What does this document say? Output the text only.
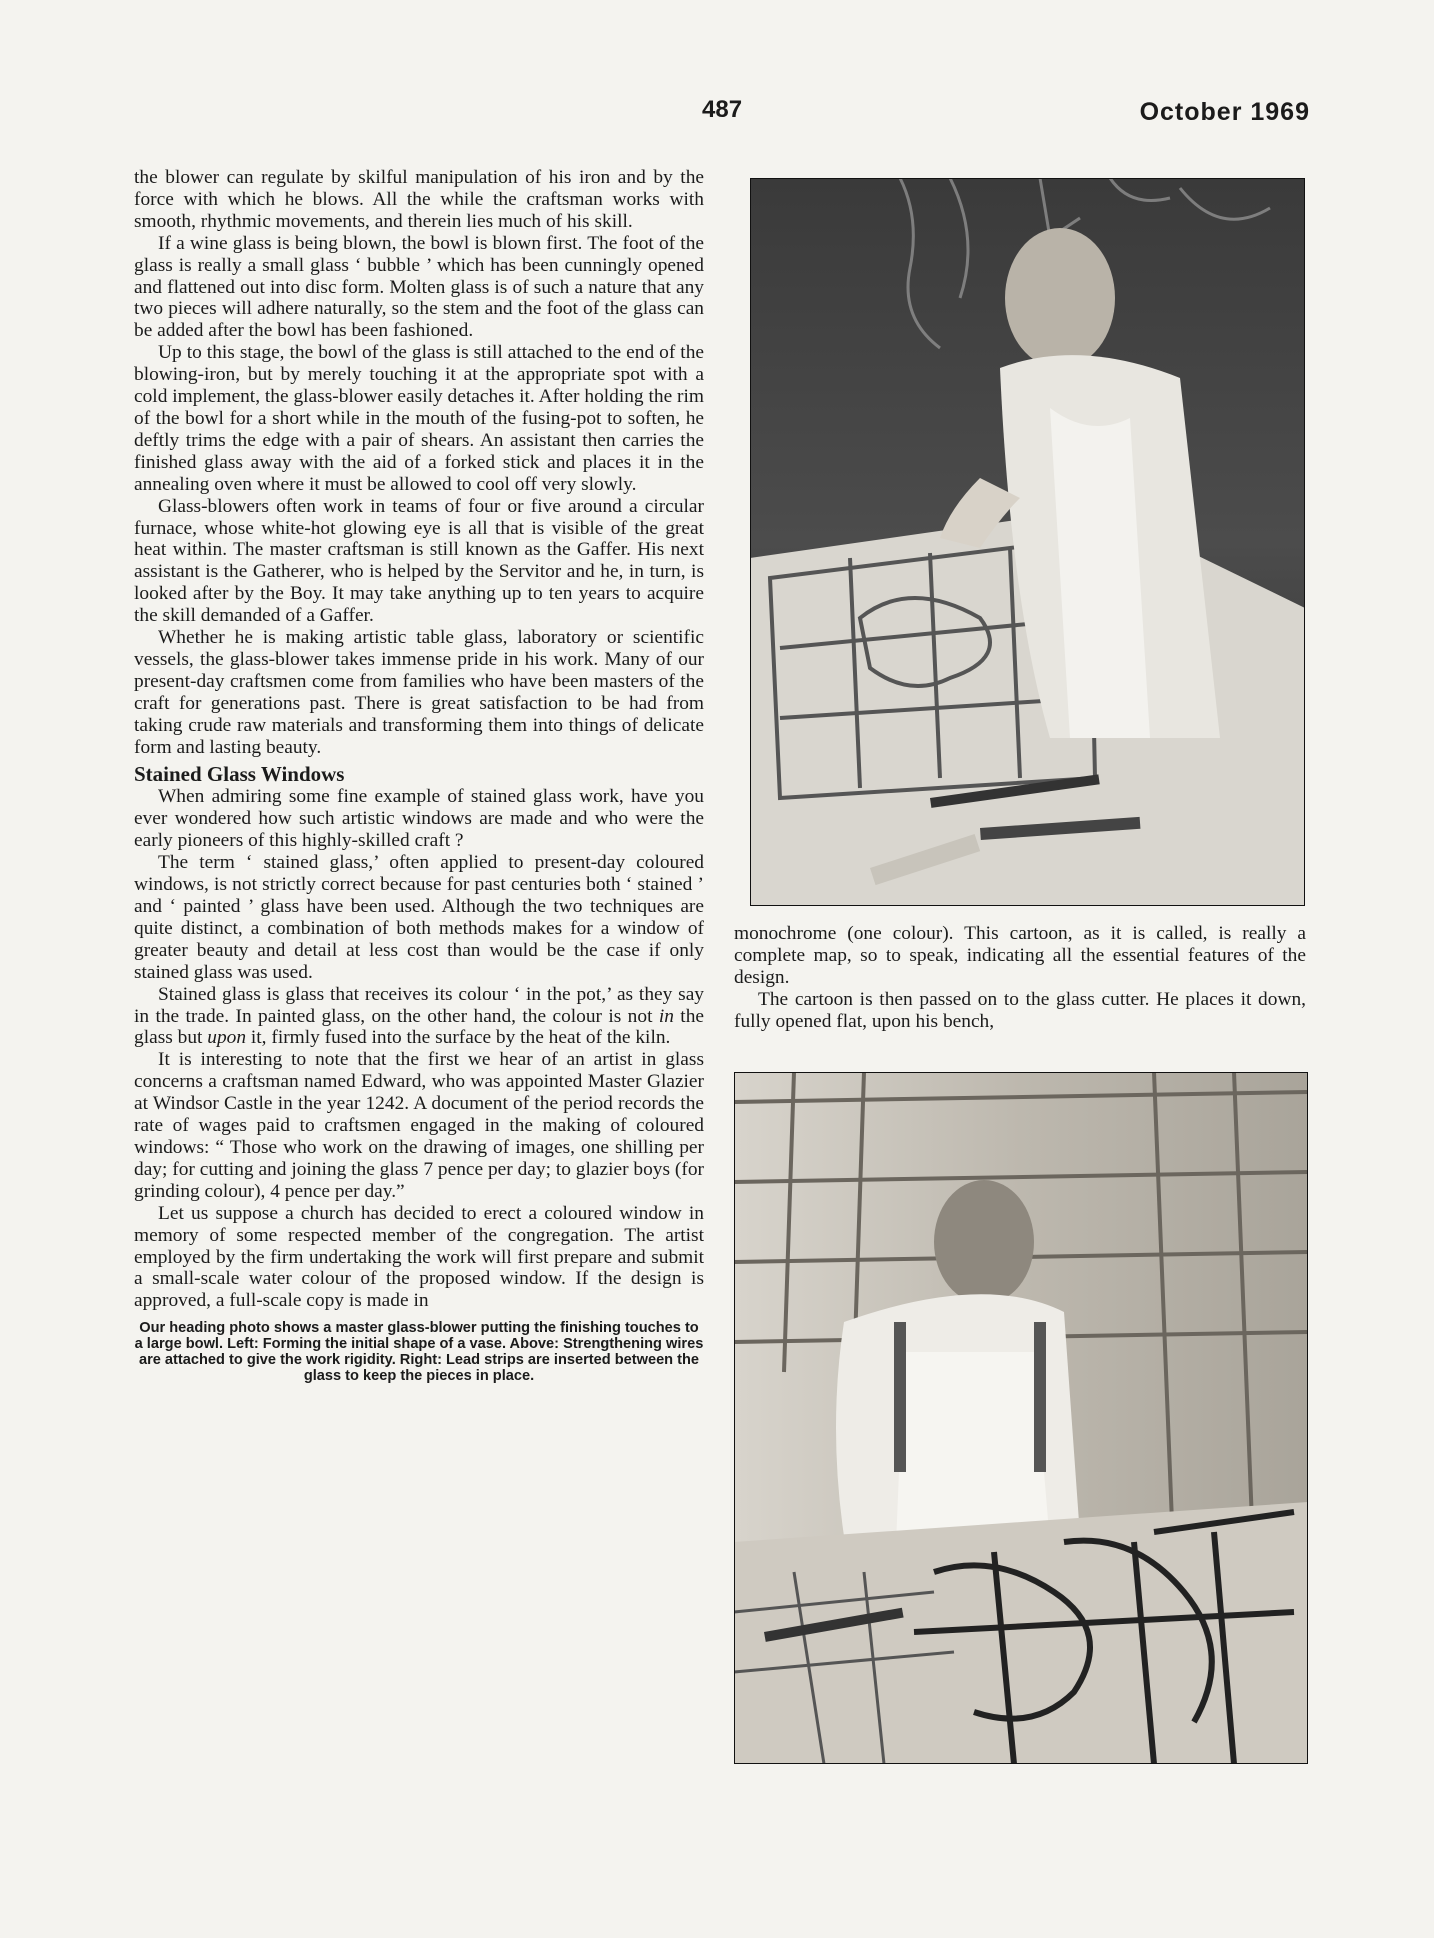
487	October 1969

the blower can regulate by skilful manipulation of his iron and by the force with which he blows. All the while the craftsman works with smooth, rhythmic movements, and therein lies much of his skill.

If a wine glass is being blown, the bowl is blown first. The foot of the glass is really a small glass ‘ bubble ’ which has been cunningly opened and flattened out into disc form. Molten glass is of such a nature that any two pieces will adhere naturally, so the stem and the foot of the glass can be added after the bowl has been fashioned.

Up to this stage, the bowl of the glass is still attached to the end of the blowing-iron, but by merely touching it at the appropriate spot with a cold implement, the glass-blower easily detaches it. After holding the rim of the bowl for a short while in the mouth of the fusing-pot to soften, he deftly trims the edge with a pair of shears. An assistant then carries the finished glass away with the aid of a forked stick and places it in the annealing oven where it must be allowed to cool off very slowly.

Glass-blowers often work in teams of four or five around a circular furnace, whose white-hot glowing eye is all that is visible of the great heat within. The master craftsman is still known as the Gaffer. His next assistant is the Gatherer, who is helped by the Servitor and he, in turn, is looked after by the Boy. It may take anything up to ten years to acquire the skill demanded of a Gaffer.

Whether he is making artistic table glass, laboratory or scientific vessels, the glass-blower takes immense pride in his work. Many of our present-day craftsmen come from families who have been masters of the craft for generations past. There is great satisfaction to be had from taking crude raw materials and transforming them into things of delicate form and lasting beauty.

Stained Glass Windows

When admiring some fine example of stained glass work, have you ever wondered how such artistic windows are made and who were the early pioneers of this highly-skilled craft ?

The term ‘ stained glass,’ often applied to present-day coloured windows, is not strictly correct because for past centuries both ‘ stained ’ and ‘ painted ’ glass have been used. Although the two techniques are quite distinct, a combination of both methods makes for a window of greater beauty and detail at less cost than would be the case if only stained glass was used.

Stained glass is glass that receives its colour ‘ in the pot,’ as they say in the trade. In painted glass, on the other hand, the colour is not in the glass but upon it, firmly fused into the surface by the heat of the kiln.

It is interesting to note that the first we hear of an artist in glass concerns a craftsman named Edward, who was appointed Master Glazier at Windsor Castle in the year 1242. A document of the period records the rate of wages paid to craftsmen engaged in the making of coloured windows: “ Those who work on the drawing of images, one shilling per day; for cutting and joining the glass 7 pence per day; to glazier boys (for grinding colour), 4 pence per day.”

Let us suppose a church has decided to erect a coloured window in memory of some respected member of the congregation. The artist employed by the firm undertaking the work will first prepare and submit a small-scale water colour of the proposed window. If the design is approved, a full-scale copy is made in

Our heading photo shows a master glass-blower putting the finishing touches to a large bowl. Left: Forming the initial shape of a vase. Above: Strengthening wires are attached to give the work rigidity. Right: Lead strips are inserted between the glass to keep the pieces in place.

monochrome (one colour). This cartoon, as it is called, is really a complete map, so to speak, indicating all the essential features of the design.

The cartoon is then passed on to the glass cutter. He places it down, fully opened flat, upon his bench,
